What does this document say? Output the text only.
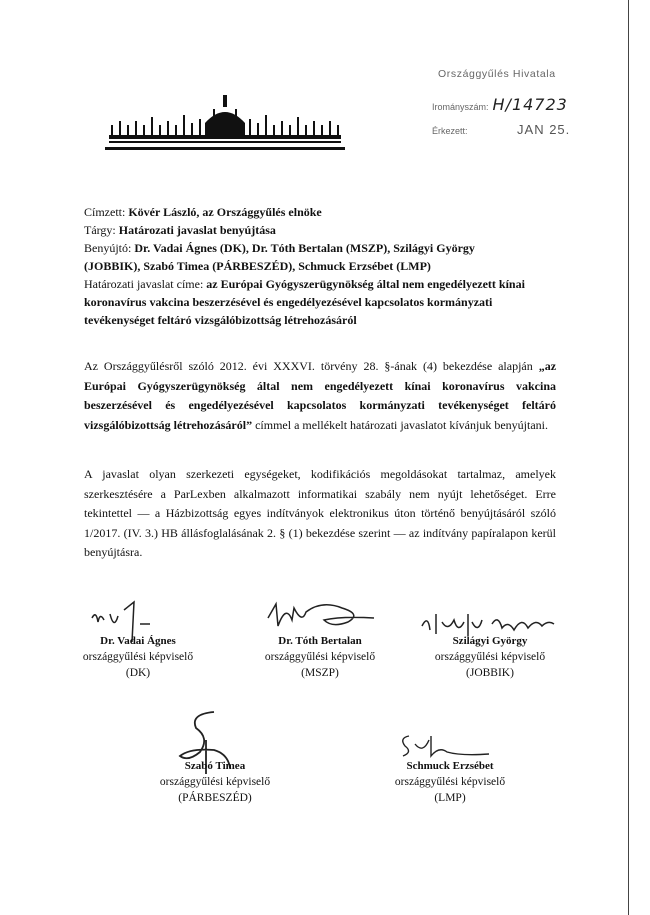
Országgyűlés Hivatala
Irományszám: H/14723
Érkezett:	JAN 25.

Címzett: Kövér László, az Országgyűlés elnöke

Tárgy: Határozati javaslat benyújtása

Benyújtó: Dr. Vadai Ágnes (DK), Dr. Tóth Bertalan (MSZP), Szilágyi György

(JOBBIK), Szabó Timea (PÁRBESZÉD), Schmuck Erzsébet (LMP)

Határozati javaslat címe: az Európai Gyógyszerügynökség által nem engedélyezett kínai

koronavírus vakcina beszerzésével és engedélyezésével kapcsolatos kormányzati

tevékenységet feltáró vizsgálóbizottság létrehozásáról

Az Országgyűlésről szóló 2012. évi XXXVI. törvény 28. §-ának (4) bekezdése alapján „az Európai Gyógyszerügynökség által nem engedélyezett kínai koronavírus vakcina beszerzésével és engedélyezésével kapcsolatos kormányzati tevékenységet feltáró vizsgálóbizottság létrehozásáról” címmel a mellékelt határozati javaslatot kívánjuk benyújtani.

A javaslat olyan szerkezeti egységeket, kodifikációs megoldásokat tartalmaz, amelyek szerkesztésére a ParLexben alkalmazott informatikai szabály nem nyújt lehetőséget. Erre tekintettel — a Házbizottság egyes indítványok elektronikus úton történő benyújtásáról szóló 1/2017. (IV. 3.) HB állásfoglalásának 2. § (1) bekezdése szerint — az indítvány papíralapon kerül benyújtásra.

Dr. Vadai Ágnes
országgyűlési képviselő
(DK)
Dr. Tóth Bertalan
országgyűlési képviselő
(MSZP)
Szilágyi György
országgyűlési képviselő
(JOBBIK)
Szabó Timea
országgyűlési képviselő
(PÁRBESZÉD)
Schmuck Erzsébet
országgyűlési képviselő
(LMP)
